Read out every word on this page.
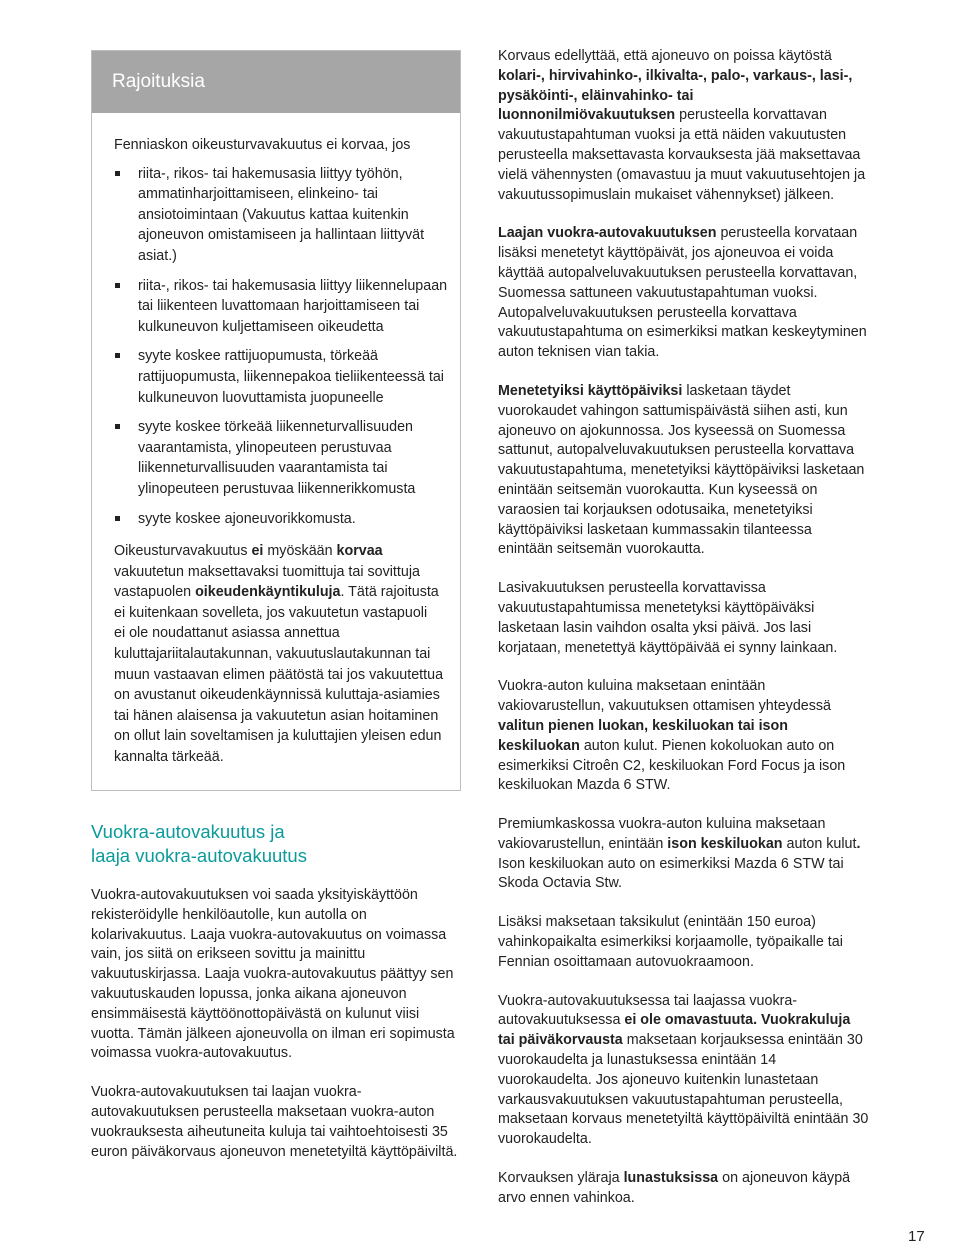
Rajoituksia

Fenniaskon oikeusturvavakuutus ei korvaa, jos

riita-, rikos- tai hakemusasia liittyy työhön, ammatinharjoittamiseen, elinkeino- tai ansiotoimintaan (Vakuutus kattaa kuitenkin ajoneuvon omistamiseen ja hallintaan liittyvät asiat.)
riita-, rikos- tai hakemusasia liittyy liikennelupaan tai liikenteen luvattomaan harjoittamiseen tai kulkuneuvon kuljettamiseen oikeudetta
syyte koskee rattijuopumusta, törkeää rattijuopumusta, liikennepakoa tieliikenteessä tai kulkuneuvon luovuttamista juopuneelle
syyte koskee törkeää liikenneturvallisuuden vaarantamista, ylinopeuteen perustuvaa liikenneturvallisuuden vaarantamista tai ylinopeuteen perustuvaa liikennerikkomusta
syyte koskee ajoneuvorikkomusta.

Oikeusturvavakuutus ei myöskään korvaa vakuutetun maksettavaksi tuomittuja tai sovittuja vastapuolen oikeudenkäyntikuluja. Tätä rajoitusta ei kuitenkaan sovelleta, jos vakuutetun vastapuoli
ei ole noudattanut asiassa annettua kuluttajariitalautakunnan, vakuutuslautakunnan tai muun vastaavan elimen päätöstä tai jos vakuutettua on avustanut oikeudenkäynnissä kuluttaja-asiamies tai hänen alaisensa ja vakuutetun asian hoitaminen on ollut lain soveltamisen ja kuluttajien yleisen edun kannalta tärkeää.

Vuokra-autovakuutus ja
laaja vuokra-autovakuutus

Vuokra-autovakuutuksen voi saada yksityiskäyttöön rekisteröidylle henkilöautolle, kun autolla on kolarivakuutus. Laaja vuokra-autovakuutus on voimassa vain, jos siitä on erikseen sovittu ja mainittu vakuutuskirjassa. Laaja vuokra-autovakuutus päättyy sen vakuutuskauden lopussa, jonka aikana ajoneuvon ensimmäisestä käyttöönottopäivästä on kulunut viisi vuotta. Tämän jälkeen ajoneuvolla on ilman eri sopimusta voimassa vuokra-autovakuutus.

Vuokra-autovakuutuksen tai laajan vuokra-autovakuutuksen perusteella maksetaan vuokra-auton vuokrauksesta aiheutuneita kuluja tai vaihtoehtoisesti 35 euron päiväkorvaus ajoneuvon menetetyiltä käyttöpäiviltä.

Korvaus edellyttää, että ajoneuvo on poissa käytöstä kolari-, hirvivahinko-, ilkivalta-, palo-, varkaus-, lasi-, pysäköinti-, eläinvahinko- tai luonnonilmiövakuutuksen perusteella korvattavan vakuutustapahtuman vuoksi ja että näiden vakuutusten perusteella maksettavasta korvauksesta jää maksettavaa vielä vähennysten (omavastuu ja muut vakuutusehtojen ja vakuutussopimuslain mukaiset vähennykset) jälkeen.

Laajan vuokra-autovakuutuksen perusteella korvataan lisäksi menetetyt käyttöpäivät, jos ajoneuvoa ei voida käyttää autopalveluvakuutuksen perusteella korvattavan, Suomessa sattuneen vakuutustapahtuman vuoksi. Autopalveluvakuutuksen perusteella korvattava vakuutustapahtuma on esimerkiksi matkan keskeytyminen auton teknisen vian takia.

Menetetyiksi käyttöpäiviksi lasketaan täydet vuorokaudet vahingon sattumispäivästä siihen asti, kun ajoneuvo on ajokunnossa. Jos kyseessä on Suomessa sattunut, autopalveluvakuutuksen perusteella korvattava vakuutustapahtuma, menetetyiksi käyttöpäiviksi lasketaan enintään seitsemän vuorokautta. Kun kyseessä on varaosien tai korjauksen odotusaika, menetetyiksi käyttöpäiviksi lasketaan kummassakin tilanteessa enintään seitsemän vuorokautta.

Lasivakuutuksen perusteella korvattavissa vakuutustapahtumissa menetetyksi käyttöpäiväksi lasketaan lasin vaihdon osalta yksi päivä. Jos lasi korjataan, menetettyä käyttöpäivää ei synny lainkaan.

Vuokra-auton kuluina maksetaan enintään vakiovarustellun, vakuutuksen ottamisen yhteydessä valitun pienen luokan, keskiluokan tai ison keskiluokan auton kulut. Pienen kokoluokan auto on esimerkiksi Citroên C2, keskiluokan Ford Focus ja ison keskiluokan Mazda 6 STW.

Premiumkaskossa vuokra-auton kuluina maksetaan vakiovarustellun, enintään ison keskiluokan auton kulut. Ison keskiluokan auto on esimerkiksi Mazda 6 STW tai Skoda Octavia Stw.

Lisäksi maksetaan taksikulut (enintään 150 euroa) vahinkopaikalta esimerkiksi korjaamolle, työpaikalle tai Fennian osoittamaan autovuokraamoon.

Vuokra-autovakuutuksessa tai laajassa vuokra-autovakuutuksessa ei ole omavastuuta. Vuokrakuluja tai päiväkorvausta maksetaan korjauksessa enintään 30 vuorokaudelta ja lunastuksessa enintään 14 vuorokaudelta. Jos ajoneuvo kuitenkin lunastetaan varkausvakuutuksen vakuutustapahtuman perusteella, maksetaan korvaus menetetyiltä käyttöpäiviltä enintään 30 vuorokaudelta.

Korvauksen yläraja lunastuksissa on ajoneuvon käypä arvo ennen vahinkoa.

17
